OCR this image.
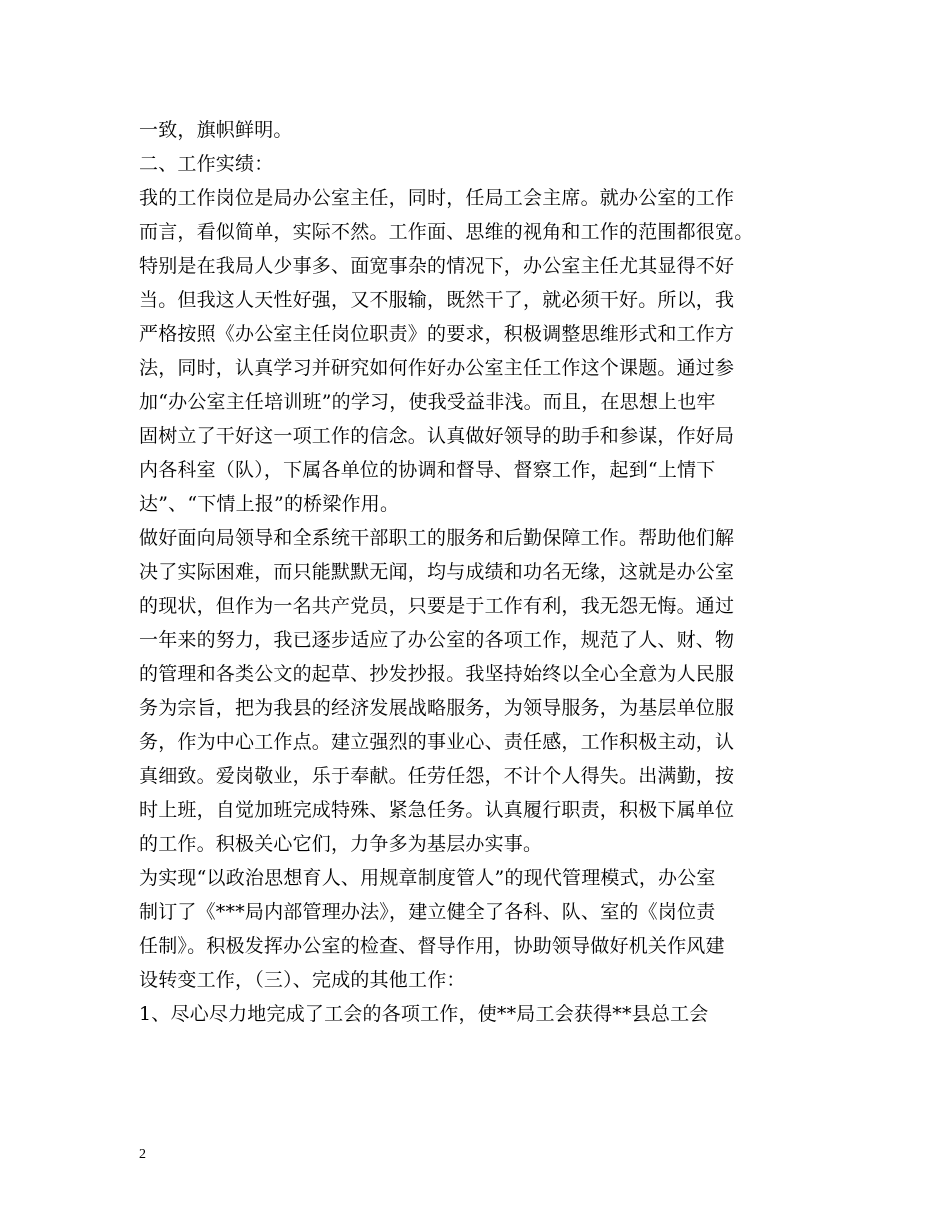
一致，旗帜鲜明。
二、工作实绩：
我的工作岗位是局办公室主任，同时，任局工会主席。就办公室的工作
而言，看似简单，实际不然。工作面、思维的视角和工作的范围都很宽。
特别是在我局人少事多、面宽事杂的情况下，办公室主任尤其显得不好
当。但我这人天性好强，又不服输，既然干了，就必须干好。所以，我
严格按照《办公室主任岗位职责》的要求，积极调整思维形式和工作方
法，同时，认真学习并研究如何作好办公室主任工作这个课题。通过参
加“办公室主任培训班”的学习，使我受益非浅。而且，在思想上也牢
固树立了干好这一项工作的信念。认真做好领导的助手和参谋，作好局
内各科室（队），下属各单位的协调和督导、督察工作，起到“上情下
达”、“下情上报”的桥梁作用。
做好面向局领导和全系统干部职工的服务和后勤保障工作。帮助他们解
决了实际困难，而只能默默无闻，均与成绩和功名无缘，这就是办公室
的现状，但作为一名共产党员，只要是于工作有利，我无怨无悔。通过
一年来的努力，我已逐步适应了办公室的各项工作，规范了人、财、物
的管理和各类公文的起草、抄发抄报。我坚持始终以全心全意为人民服
务为宗旨，把为我县的经济发展战略服务，为领导服务，为基层单位服
务，作为中心工作点。建立强烈的事业心、责任感，工作积极主动，认
真细致。爱岗敬业，乐于奉献。任劳任怨，不计个人得失。出满勤，按
时上班，自觉加班完成特殊、紧急任务。认真履行职责，积极下属单位
的工作。积极关心它们，力争多为基层办实事。
为实现“以政治思想育人、用规章制度管人”的现代管理模式，办公室
制订了《***局内部管理办法》，建立健全了各科、队、室的《岗位责
任制》。积极发挥办公室的检查、督导作用，协助领导做好机关作风建
设转变工作，（三）、完成的其他工作：
1、尽心尽力地完成了工会的各项工作，使**局工会获得**县总工会
2
